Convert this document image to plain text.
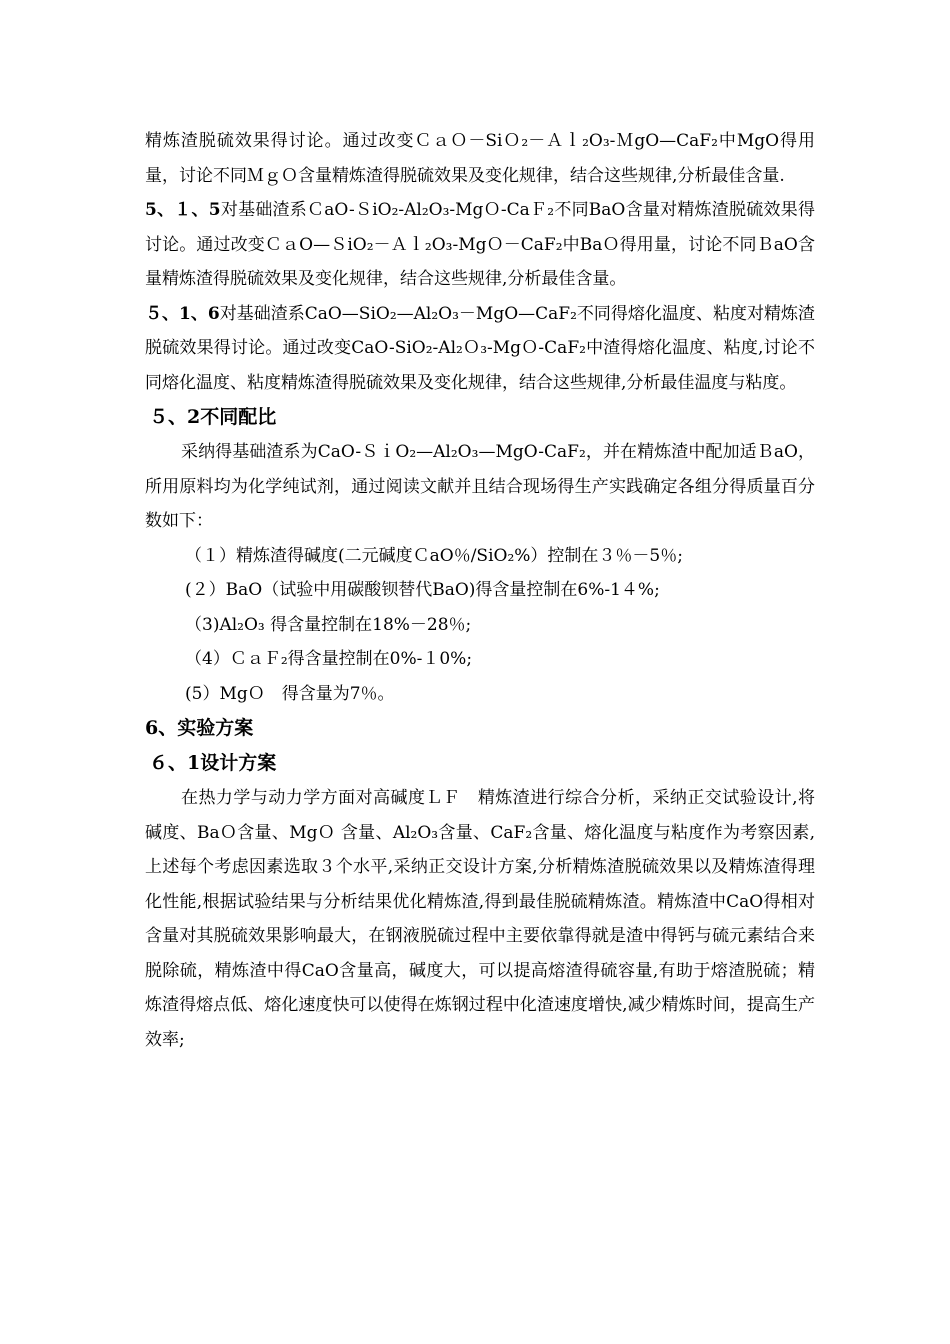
精炼渣脱硫效果得讨论。通过改变ＣａＯ－SiＯ₂－Ａｌ₂O₃-ＭgO—CaF₂中MgO得用量，讨论不同ＭｇＯ含量精炼渣得脱硫效果及变化规律，结合这些规律,分析最佳含量.

5、１、5对基础渣系ＣaO-ＳiO₂-Al₂O₃-MgＯ-CaＦ₂不同BaO含量对精炼渣脱硫效果得讨论。通过改变ＣａO—ＳiO₂－Ａｌ₂O₃-MgＯ－CaF₂中BaＯ得用量，讨论不同ＢaO含量精炼渣得脱硫效果及变化规律，结合这些规律,分析最佳含量。

５、1、6对基础渣系CaO—SiO₂—Al₂O₃－MgO—CaF₂不同得熔化温度、粘度对精炼渣脱硫效果得讨论。通过改变CaO-SiO₂-Al₂Ｏ₃-MgＯ-CaF₂中渣得熔化温度、粘度,讨论不同熔化温度、粘度精炼渣得脱硫效果及变化规律，结合这些规律,分析最佳温度与粘度。

５、2不同配比

采纳得基础渣系为CaO-ＳｉO₂—Al₂O₃—MgO-CaF₂，并在精炼渣中配加适ＢaO，所用原料均为化学纯试剂，通过阅读文献并且结合现场得生产实践确定各组分得质量百分数如下：

（１）精炼渣得碱度(二元碱度ＣaO％/SiO₂%）控制在３％－5％;

(２）BaO（试验中用碳酸钡替代BaO)得含量控制在6%-1４%;

（3)Al₂O₃ 得含量控制在18%－28％;

（4）ＣａＦ₂得含量控制在0%-１0%;

(5）MgＯ　得含量为7％。

6、实验方案

６、1设计方案

在热力学与动力学方面对高碱度ＬＦ　精炼渣进行综合分析，采纳正交试验设计,将碱度、BaＯ含量、MgＯ 含量、Al₂O₃含量、CaF₂含量、熔化温度与粘度作为考察因素,上述每个考虑因素选取３个水平,采纳正交设计方案,分析精炼渣脱硫效果以及精炼渣得理化性能,根据试验结果与分析结果优化精炼渣,得到最佳脱硫精炼渣。精炼渣中CaO得相对含量对其脱硫效果影响最大，在钢液脱硫过程中主要依靠得就是渣中得钙与硫元素结合来脱除硫，精炼渣中得CaO含量高，碱度大，可以提高熔渣得硫容量,有助于熔渣脱硫；精炼渣得熔点低、熔化速度快可以使得在炼钢过程中化渣速度增快,减少精炼时间，提高生产效率;
